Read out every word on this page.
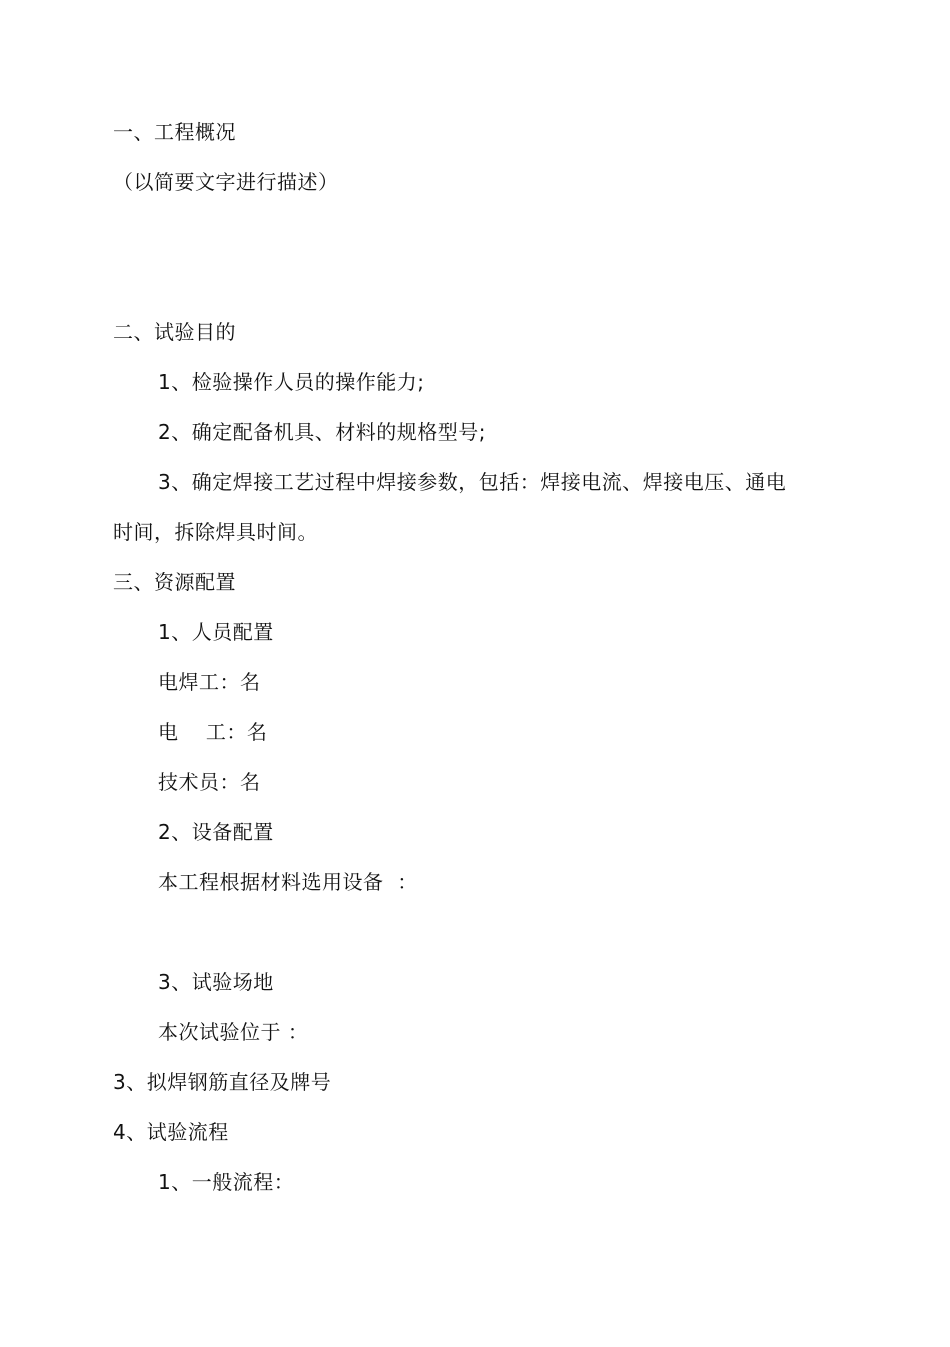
一、工程概况
（以简要文字进行描述）
二、试验目的
1、检验操作人员的操作能力;
2、确定配备机具、材料的规格型号;
3、确定焊接工艺过程中焊接参数，包括：焊接电流、焊接电压、通电
时间，拆除焊具时间。
三、资源配置
1、人员配置
电焊工：名
电    工：名
技术员：名
2、设备配置
本工程根据材料选用设备  ：
3、试验场地
本次试验位于 ：
3、拟焊钢筋直径及牌号
4、试验流程
1、一般流程：
